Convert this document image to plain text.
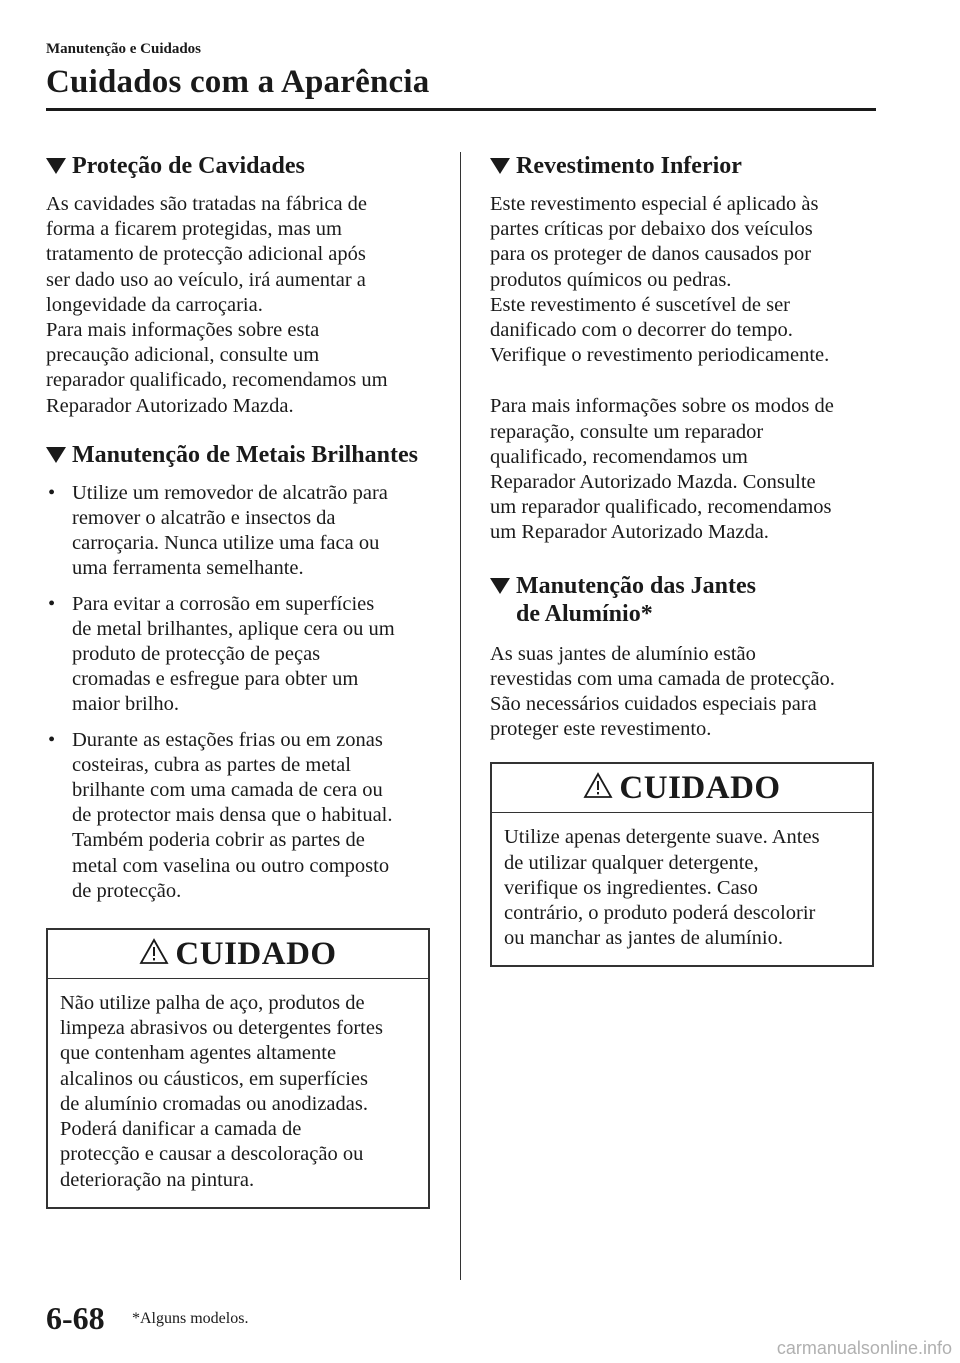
Manutenção e Cuidados

Cuidados com a Aparência
Proteção de Cavidades
As cavidades são tratadas na fábrica de
forma a ficarem protegidas, mas um
tratamento de protecção adicional após
ser dado uso ao veículo, irá aumentar a
longevidade da carroçaria.
Para mais informações sobre esta
precaução adicional, consulte um
reparador qualificado, recomendamos um
Reparador Autorizado Mazda.
Manutenção de Metais Brilhantes
• Utilize um removedor de alcatrão para
remover o alcatrão e insectos da
carroçaria. Nunca utilize uma faca ou
uma ferramenta semelhante.
• Para evitar a corrosão em superfícies
de metal brilhantes, aplique cera ou um
produto de protecção de peças
cromadas e esfregue para obter um
maior brilho.
• Durante as estações frias ou em zonas
costeiras, cubra as partes de metal
brilhante com uma camada de cera ou
de protector mais densa que o habitual.
Também poderia cobrir as partes de
metal com vaselina ou outro composto
de protecção.
CUIDADO
Não utilize palha de aço, produtos de
limpeza abrasivos ou detergentes fortes
que contenham agentes altamente
alcalinos ou cáusticos, em superfícies
de alumínio cromadas ou anodizadas.
Poderá danificar a camada de
protecção e causar a descoloração ou
deterioração na pintura.
Revestimento Inferior
Este revestimento especial é aplicado às
partes críticas por debaixo dos veículos
para os proteger de danos causados por
produtos químicos ou pedras.
Este revestimento é suscetível de ser
danificado com o decorrer do tempo.
Verifique o revestimento periodicamente.
Para mais informações sobre os modos de
reparação, consulte um reparador
qualificado, recomendamos um
Reparador Autorizado Mazda. Consulte
um reparador qualificado, recomendamos
um Reparador Autorizado Mazda.
Manutenção das Jantes
de Alumínio*
As suas jantes de alumínio estão
revestidas com uma camada de protecção.
São necessários cuidados especiais para
proteger este revestimento.
CUIDADO
Utilize apenas detergente suave. Antes
de utilizar qualquer detergente,
verifique os ingredientes. Caso
contrário, o produto poderá descolorir
ou manchar as jantes de alumínio.
6-68 *Alguns modelos.
carmanualsonline.info
